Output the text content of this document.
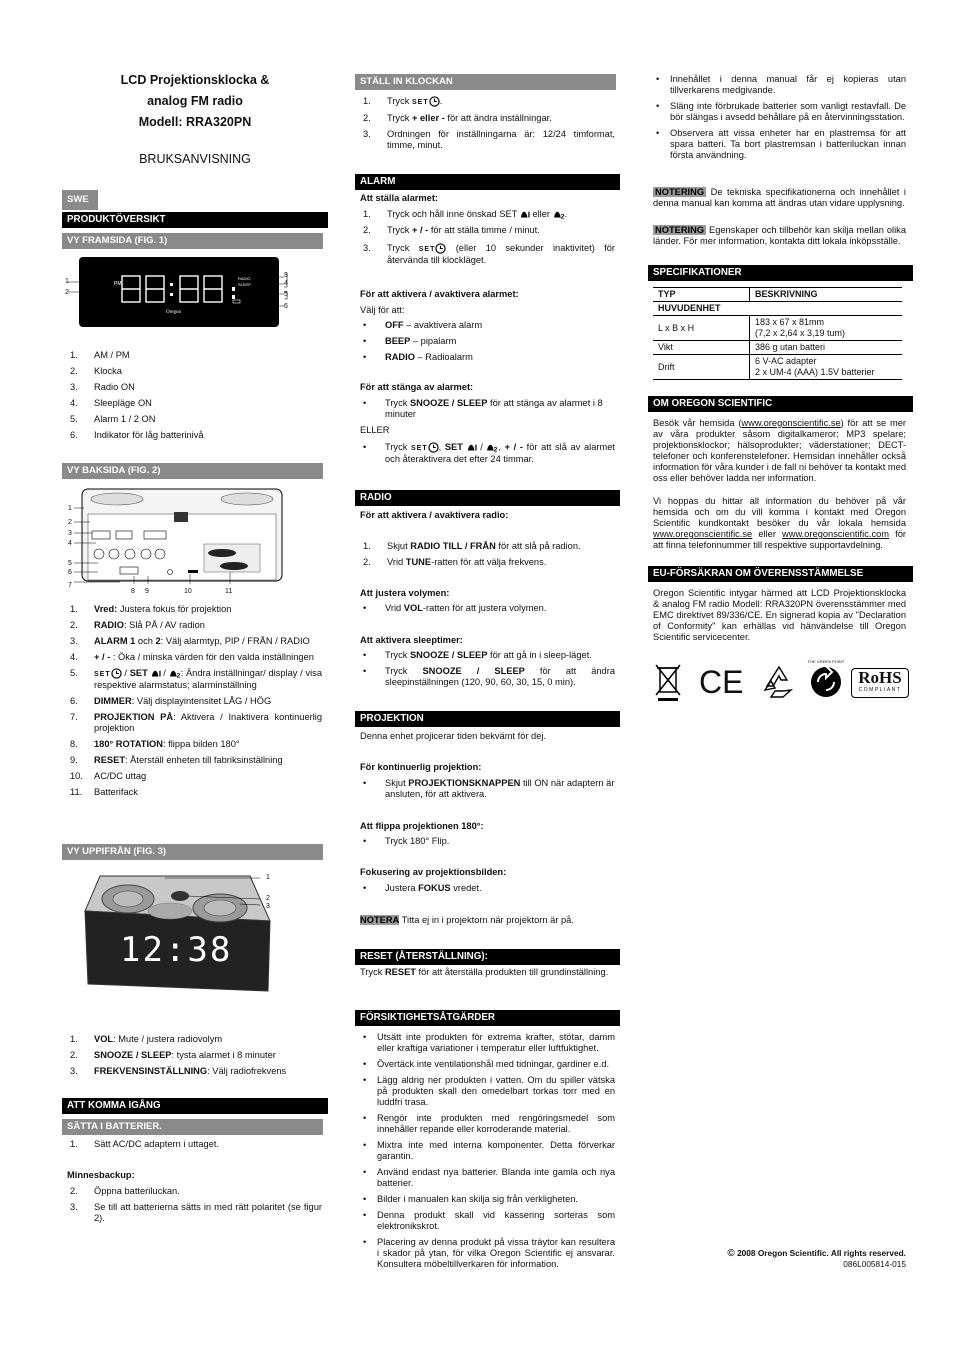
LCD Projektionsklocka &
analog FM radio
Modell: RRA320PN
BRUKSANVISNING
SWE
PRODUKTÖVERSIKT
VY FRAMSIDA (FIG. 1)
PM
RADIO
SLEEP
Oregon
1
2
3
4
5
6
1. AM / PM
2. Klocka
3. Radio ON
4. Sleepläge ON
5. Alarm 1 / 2 ON
6. Indikator för låg batterinivå
VY BAKSIDA (FIG. 2)
1
2
3
4
5
6
7
8 9	10	11
1. Vred: Justera fokus för projektion
2. RADIO: Slå PÅ / AV radion
3. ALARM 1 och 2: Välj alarmtyp, PIP / FRÅN / RADIO
4. + / - : Öka / minska värden för den valda inställningen
5. SET / SET  / 2 : Ändra inställningar/ display / visa respektive alarmstatus; alarminställning
6. DIMMER: Välj displayintensitet LÅG / HÖG
7. PROJEKTION PÅ: Aktivera / Inaktivera kontinuerlig projektion
8. 180° ROTATION: flippa bilden 180°
9. RESET: Återställ enheten till fabriksinställning
10. AC/DC uttag
11. Batterifack
VY UPPIFRÅN (FIG. 3)
12:38
1
2
3
1. VOL: Mute / justera radiovolym
2. SNOOZE / SLEEP: tysta alarmet i 8 minuter
3. FREKVENSINSTÄLLNING: Välj radiofrekvens
ATT KOMMA IGÅNG
SÄTTA I BATTERIER.
1. Sätt AC/DC adaptern i uttaget.
Minnesbackup:
2. Öppna batteriluckan.
3. Se till att batterierna sätts in med rätt polaritet (se figur 2).
STÄLL IN KLOCKAN
1. Tryck SET .
2. Tryck + eller - för att ändra inställningar.
3. Ordningen för inställningarna är: 12/24 timformat, timme, minut.
ALARM
Att ställa alarmet:
1. Tryck och håll inne önskad SET  eller 2 .
2. Tryck + / - för att ställa timme / minut.
3. Tryck SET (eller 10 sekunder inaktivitet) för återvända till klockläget.
För att aktivera / avaktivera alarmet:
Välj för att:
• OFF – avaktivera alarm
• BEEP – pipalarm
• RADIO – Radioalarm
För att stänga av alarmet:
• Tryck SNOOZE / SLEEP för att stänga av alarmet i 8 minuter
ELLER
• Tryck SET , SET  / 2 , + / - för att slå av alarmet och återaktivera det efter 24 timmar.
RADIO
För att aktivera / avaktivera radio:
1. Skjut RADIO TILL / FRÅN för att slå på radion.
2. Vrid TUNE-ratten för att välja frekvens.
Att justera volymen:
• Vrid VOL-ratten för att justera volymen.
Att aktivera sleeptimer:
• Tryck SNOOZE / SLEEP för att gå in i sleep-läget.
• Tryck SNOOZE / SLEEP för att ändra sleepinställningen (120, 90, 60, 30, 15, 0 min).
PROJEKTION
Denna enhet projicerar tiden bekvämt för dej.
För kontinuerlig projektion:
• Skjut PROJEKTIONSKNAPPEN till ON när adaptern är ansluten, för att aktivera.
Att flippa projektionen 180°:
• Tryck 180° Flip.
Fokusering av projektionsbilden:
• Justera FOKUS vredet.
NOTERA Titta ej in i projektorn när projektorn är på.
RESET (ÅTERSTÄLLNING):
Tryck RESET för att återställa produkten till grundinställning.
FÖRSIKTIGHETSÅTGÄRDER
• Utsätt inte produkten för extrema krafter, stötar, damm eller kraftiga variationer i temperatur eller luftfuktighet.
• Övertäck inte ventilationshål med tidningar, gardiner e.d.
• Lägg aldrig ner produkten i vatten. Om du spiller vätska på produkten skall den omedelbart torkas torr med en luddfri trasa.
• Rengör inte produkten med rengöringsmedel som innehåller repande eller korroderande material.
• Mixtra inte med interna komponenter. Detta förverkar garantin.
• Använd endast nya batterier. Blanda inte gamla och nya batterier.
• Bilder i manualen kan skilja sig från verkligheten.
• Denna produkt skall vid kassering sorteras som elektronikskrot.
• Placering av denna produkt på vissa träytor kan resultera i skador på ytan, för vilka Oregon Scientific ej ansvarar. Konsultera möbeltillverkaren för information.
• Innehållet i denna manual får ej kopieras utan tillverkarens medgivande.
• Släng inte förbrukade batterier som vanligt restavfall. De bör slängas i avsedd behållare på en återvinningsstation.
• Observera att vissa enheter har en plastremsa för att spara batteri. Ta bort plastremsan i batteriluckan innan första användning.
NOTERING De tekniska specifikationerna och innehållet i denna manual kan komma att ändras utan vidare upplysning.
NOTERING Egenskaper och tillbehör kan skilja mellan olika länder. För mer information, kontakta ditt lokala inköpsställe.
SPECIFIKATIONER
TYP	BESKRIVNING
HUVUDENHET	
L x B x H	183 x 67 x 81mm
(7,2 x 2,64 x 3,19 tum)

Vikt	386 g utan batteri
Drift	6 V-AC adapter
2 x UM-4 (AAA) 1.5V batterier
OM OREGON SCIENTIFIC
Besök vår hemsida (www.oregonscientific.se) för att se mer av våra produkter såsom digitalkameror; MP3 spelare; projektionsklockor; hälsoprodukter; väderstationer; DECT-telefoner och konferenstelefoner. Hemsidan innehåller också information för våra kunder i de fall ni behöver ta kontakt med oss eller behöver ladda ner information.
Vi hoppas du hittar all information du behöver på vår hemsida och om du vill komma i kontakt med Oregon Scientific kundkontakt besöker du vår lokala hemsida www.oregonscientific.se eller www.oregonscientific.com för att finna telefonnummer till respektive supportavdelning.
EU-FÖRSÄKRAN OM ÖVERENSSTÄMMELSE
Oregon Scientific intygar härmed att LCD Projektionsklocka & analog FM radio Modell: RRA320PN överensstämmer med EMC direktivet 89/336/CE. En signerad kopia av "Declaration of Conformity" kan erhällas vid hänvändelse till Oregon Scientific servicecenter.
CE
THE GREEN POINT
RoHS
COMPLIANT
© 2008 Oregon Scientific. All rights reserved.
086L005814-015
